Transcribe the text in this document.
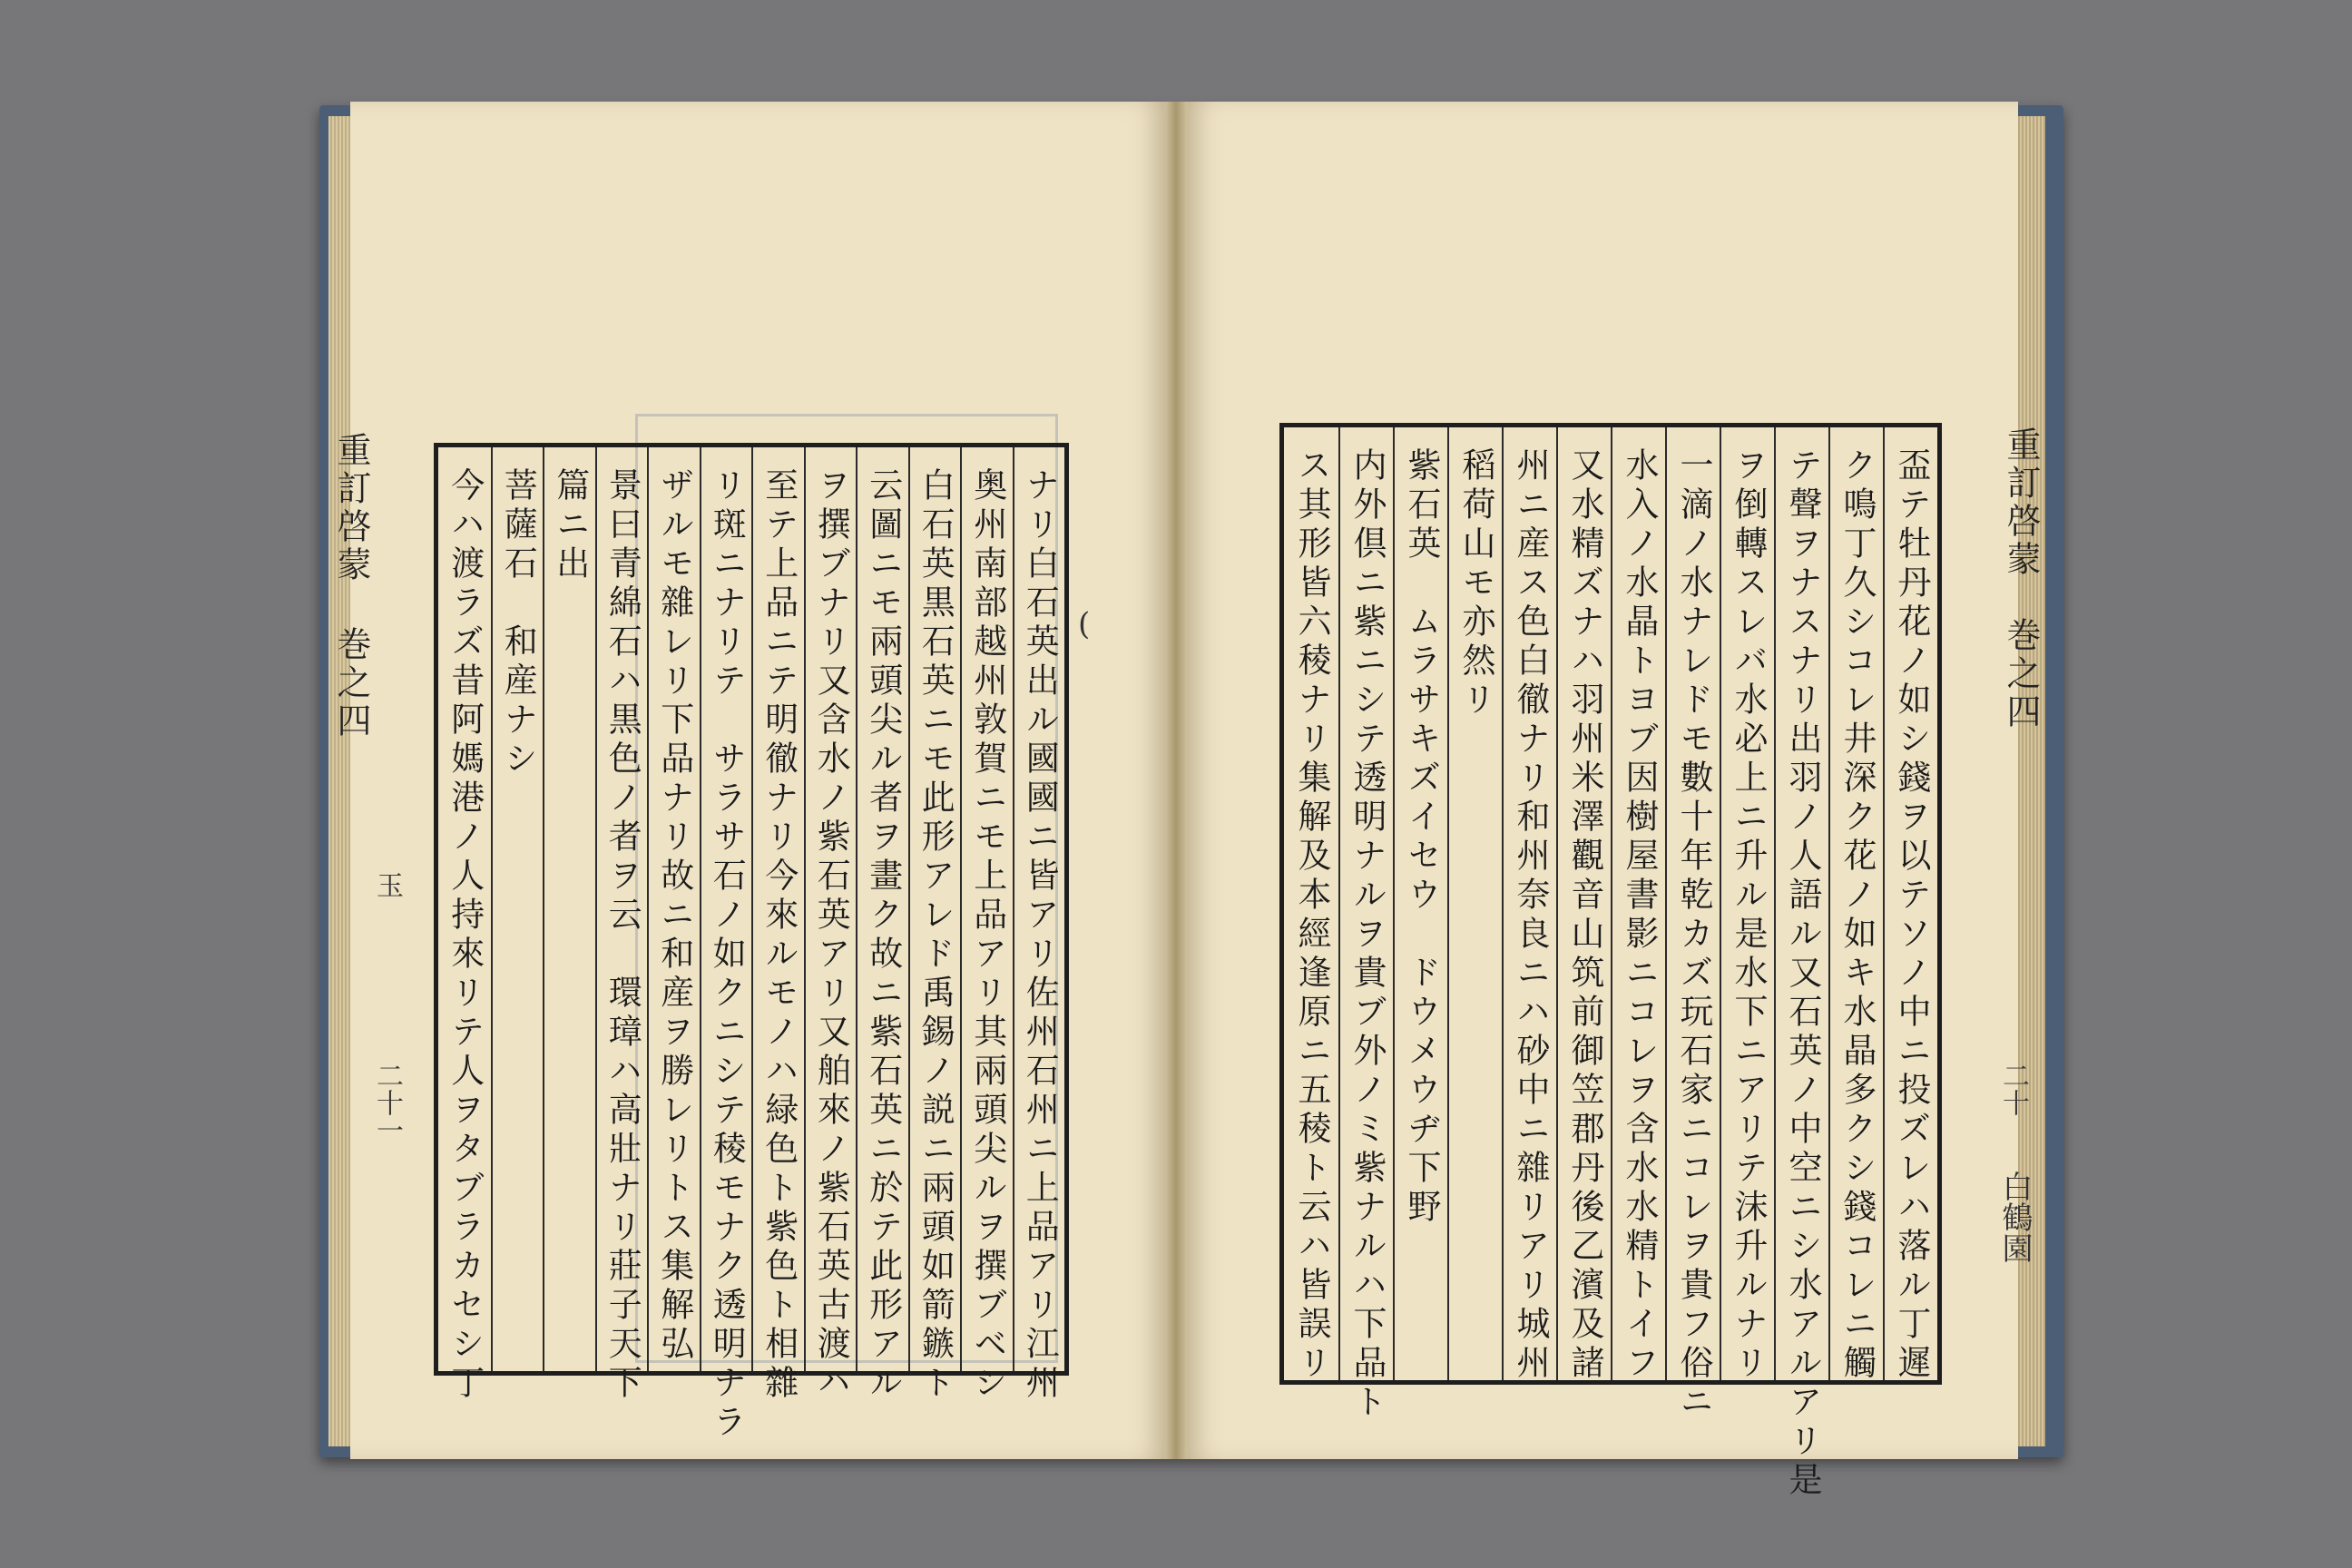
ナリ白石英出ル國國ニ皆アリ佐州石州ニ上品アリ江州
奥州南部越州敦賀ニモ上品アリ其兩頭尖ルヲ撰ブベシ
白石英黒石英ニモ此形アレド禹錫ノ説ニ兩頭如箭鏃ト
云圖ニモ兩頭尖ル者ヲ畫ク故ニ紫石英ニ於テ此形アル
ヲ撰ブナリ又含水ノ紫石英アリ又舶來ノ紫石英古渡ハ
至テ上品ニテ明徹ナリ今來ルモノハ緑色ト紫色ト相雜
リ斑ニナリテ　サラサ石ノ如クニシテ稜モナク透明ナラ
ザルモ雜レリ下品ナリ故ニ和産ヲ勝レリトス集解弘
景曰青綿石ハ黒色ノ者ヲ云　環璋ハ高壯ナリ莊子天下
篇ニ出
菩薩石　和産ナシ
今ハ渡ラズ昔阿媽港ノ人持來リテ人ヲタブラカセシ丁	盃テ牡丹花ノ如シ錢ヲ以テソノ中ニ投ズレハ落ル丁遲
ク鳴丁久シコレ井深ク花ノ如キ水晶多クシ錢コレニ觸
テ聲ヲナスナリ出羽ノ人語ル又石英ノ中空ニシ水アルアリ是
ヲ倒轉スレバ水必上ニ升ル是水下ニアリテ沫升ルナリ
一滴ノ水ナレドモ數十年乾カズ玩石家ニコレヲ貴フ俗ニ
水入ノ水晶トヨブ因樹屋書影ニコレヲ含水水精トイフ
又水精ズナハ羽州米澤觀音山筑前御笠郡丹後乙濱及諸
州ニ産ス色白徹ナリ和州奈良ニハ砂中ニ雜リアリ城州
稻荷山モ亦然リ
紫石英　ムラサキズイセウ　ドウメウヂ下野
内外倶ニ紫ニシテ透明ナルヲ貴ブ外ノミ紫ナルハ下品ト
ス其形皆六稜ナリ集解及本經逢原ニ五稜ト云ハ皆誤リ
重訂啓蒙
巻之四
玉
二十一
重訂啓蒙
巻之四
二十
白鶴園
(
